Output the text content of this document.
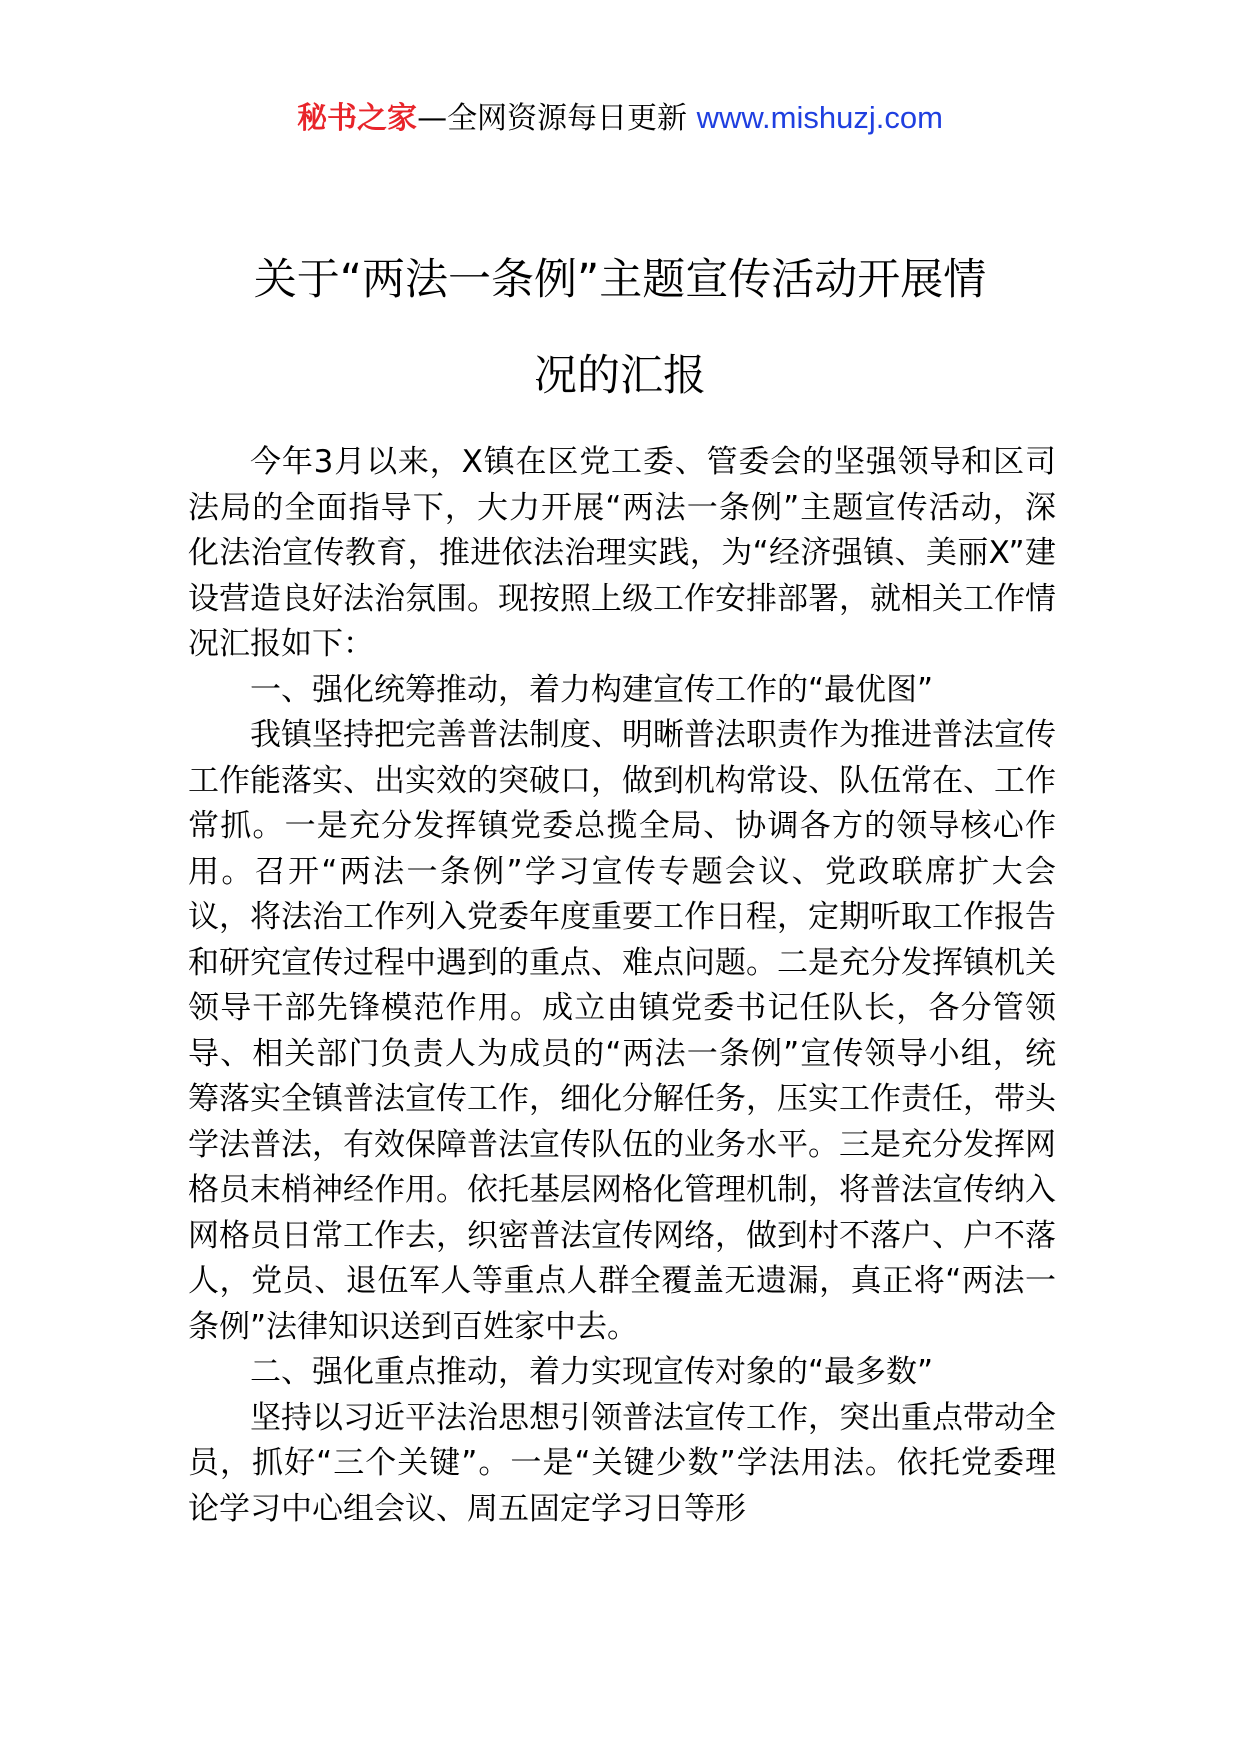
秘书之家—全网资源每日更新 www.mishuzj.com
关于“两法一条例”主题宣传活动开展情
况的汇报

今年3月以来，X镇在区党工委、管委会的坚强领导和区司法局的全面指导下，大力开展“两法一条例”主题宣传活动，深化法治宣传教育，推进依法治理实践，为“经济强镇、美丽X”建设营造良好法治氛围。现按照上级工作安排部署，就相关工作情况汇报如下：

一、强化统筹推动，着力构建宣传工作的“最优图”

我镇坚持把完善普法制度、明晰普法职责作为推进普法宣传工作能落实、出实效的突破口，做到机构常设、队伍常在、工作常抓。一是充分发挥镇党委总揽全局、协调各方的领导核心作用。召开“两法一条例”学习宣传专题会议、党政联席扩大会议，将法治工作列入党委年度重要工作日程，定期听取工作报告和研究宣传过程中遇到的重点、难点问题。二是充分发挥镇机关领导干部先锋模范作用。成立由镇党委书记任队长，各分管领导、相关部门负责人为成员的“两法一条例”宣传领导小组，统筹落实全镇普法宣传工作，细化分解任务，压实工作责任，带头学法普法，有效保障普法宣传队伍的业务水平。三是充分发挥网格员末梢神经作用。依托基层网格化管理机制，将普法宣传纳入网格员日常工作去，织密普法宣传网络，做到村不落户、户不落人，党员、退伍军人等重点人群全覆盖无遗漏，真正将“两法一条例”法律知识送到百姓家中去。

二、强化重点推动，着力实现宣传对象的“最多数”

坚持以习近平法治思想引领普法宣传工作，突出重点带动全员，抓好“三个关键”。一是“关键少数”学法用法。依托党委理论学习中心组会议、周五固定学习日等形
